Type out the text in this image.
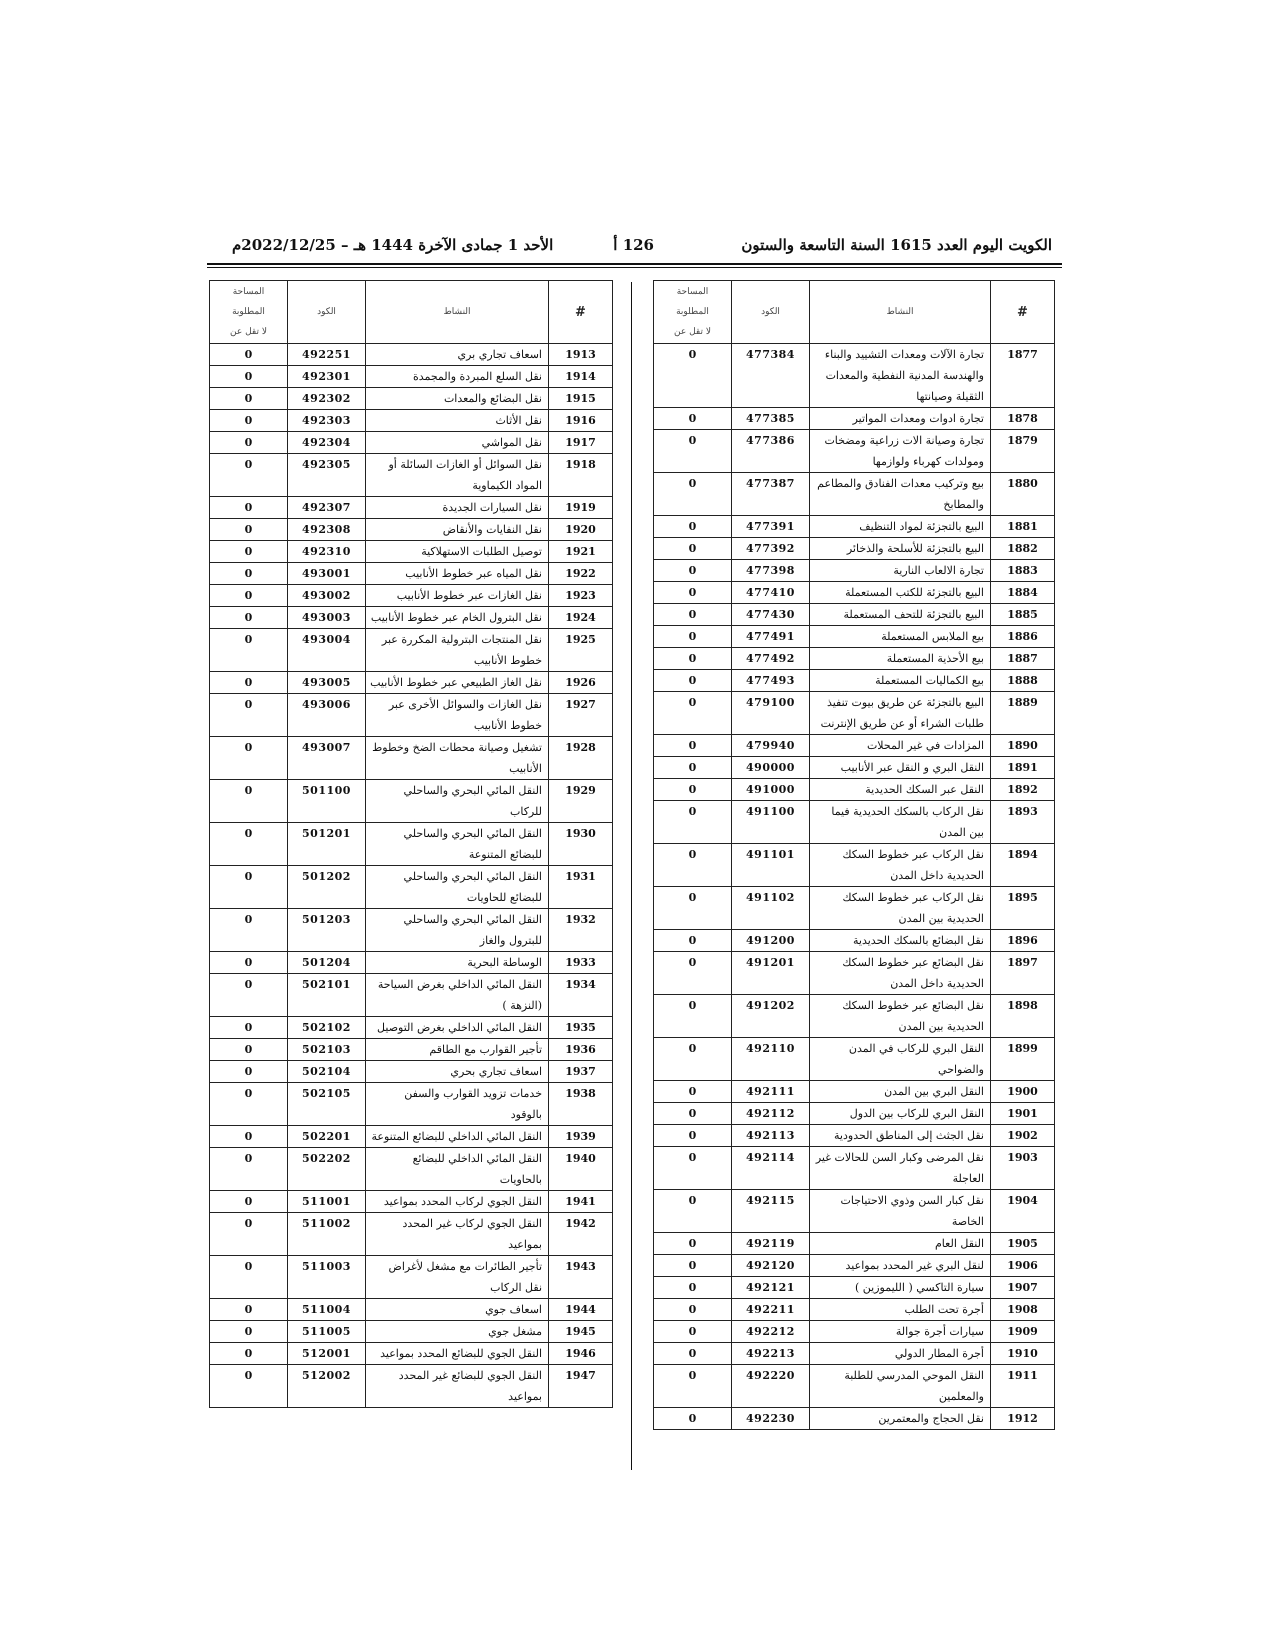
الكويت اليوم العدد 1615 السنة التاسعة والستون
126 أ
الأحد 1 جمادى الآخرة 1444 هـ – 2022/12/25م
#	النشاط	الكود	المساحة
المطلوبة
لا تقل عن

1877	تجارة الآلات ومعدات التشييد والبناء والهندسة المدنية النفطية والمعدات الثقيلة وصيانتها	477384	0
1878	تجارة ادوات ومعدات المواتير	477385	0
1879	تجارة وصيانة الات زراعية ومضخات ومولدات كهرباء ولوازمها	477386	0
1880	بيع وتركيب معدات الفنادق والمطاعم والمطابخ	477387	0
1881	البيع بالتجزئة لمواد التنظيف	477391	0
1882	البيع بالتجزئة للأسلحة والذخائر	477392	0
1883	تجارة الالعاب النارية	477398	0
1884	البيع بالتجزئة للكتب المستعملة	477410	0
1885	البيع بالتجزئة للتحف المستعملة	477430	0
1886	بيع الملابس المستعملة	477491	0
1887	بيع الأحذية المستعملة	477492	0
1888	بيع الكماليات المستعملة	477493	0
1889	البيع بالتجزئة عن طريق بيوت تنفيذ طلبات الشراء أو عن طريق الإنترنت	479100	0
1890	المزادات في غير المحلات	479940	0
1891	النقل البري و النقل عبر الأنابيب	490000	0
1892	النقل عبر السكك الحديدية	491000	0
1893	نقل الركاب بالسكك الحديدية فيما بين المدن	491100	0
1894	نقل الركاب عبر خطوط السكك الحديدية داخل المدن	491101	0
1895	نقل الركاب عبر خطوط السكك الحديدية بين المدن	491102	0
1896	نقل البضائع بالسكك الحديدية	491200	0
1897	نقل البضائع عبر خطوط السكك الحديدية داخل المدن	491201	0
1898	نقل البضائع عبر خطوط السكك الحديدية بين المدن	491202	0
1899	النقل البري للركاب في المدن والضواحي	492110	0
1900	النقل البري بين المدن	492111	0
1901	النقل البري للركاب بين الدول	492112	0
1902	نقل الجثث إلى المناطق الحدودية	492113	0
1903	نقل المرضى وكبار السن للحالات غير العاجلة	492114	0
1904	نقل كبار السن وذوي الاحتياجات الخاصة	492115	0
1905	النقل العام	492119	0
1906	لنقل البري غير المحدد بمواعيد	492120	0
1907	سيارة التاكسي ( الليموزين )	492121	0
1908	أجرة تحت الطلب	492211	0
1909	سيارات أجرة جوالة	492212	0
1910	أجرة المطار الدولي	492213	0
1911	النقل الموحي المدرسي للطلبة والمعلمين	492220	0
1912	نقل الحجاج والمعتمرين	492230	0
#	النشاط	الكود	المساحة
المطلوبة
لا تقل عن

1913	اسعاف تجاري بري	492251	0
1914	نقل السلع المبردة والمجمدة	492301	0
1915	نقل البضائع والمعدات	492302	0
1916	نقل الأثاث	492303	0
1917	نقل المواشي	492304	0
1918	نقل السوائل أو الغازات السائلة أو المواد الكيماوية	492305	0
1919	نقل السيارات الجديدة	492307	0
1920	نقل النفايات والأنقاض	492308	0
1921	توصيل الطلبات الاستهلاكية	492310	0
1922	نقل المياه عبر خطوط الأنابيب	493001	0
1923	نقل الغازات عبر خطوط الأنابيب	493002	0
1924	نقل البترول الخام عبر خطوط الأنابيب	493003	0
1925	نقل المنتجات البترولية المكررة عبر خطوط الأنابيب	493004	0
1926	نقل الغاز الطبيعي عبر خطوط الأنابيب	493005	0
1927	نقل الغازات والسوائل الأخرى عبر خطوط الأنابيب	493006	0
1928	تشغيل وصيانة محطات الضخ وخطوط الأنابيب	493007	0
1929	النقل المائي البحري والساحلي للركاب	501100	0
1930	النقل المائي البحري والساحلي للبضائع المتنوعة	501201	0
1931	النقل المائي البحري والساحلي للبضائع للحاويات	501202	0
1932	النقل المائي البحري والساحلي للبترول والغاز	501203	0
1933	الوساطة البحرية	501204	0
1934	النقل المائي الداخلي بغرض السياحة (النزهة )	502101	0
1935	النقل المائي الداخلي بغرض التوصيل	502102	0
1936	تأجير القوارب مع الطاقم	502103	0
1937	اسعاف تجاري بحري	502104	0
1938	خدمات تزويد القوارب والسفن بالوقود	502105	0
1939	النقل المائي الداخلي للبضائع المتنوعة	502201	0
1940	النقل المائي الداخلي للبضائع بالحاويات	502202	0
1941	النقل الجوي لركاب المحدد بمواعيد	511001	0
1942	النقل الجوي لركاب غير المحدد بمواعيد	511002	0
1943	تأجير الطائرات مع مشغل لأغراض نقل الركاب	511003	0
1944	اسعاف جوي	511004	0
1945	مشغل جوي	511005	0
1946	النقل الجوي للبضائع المحدد بمواعيد	512001	0
1947	النقل الجوي للبضائع غير المحدد بمواعيد	512002	0
